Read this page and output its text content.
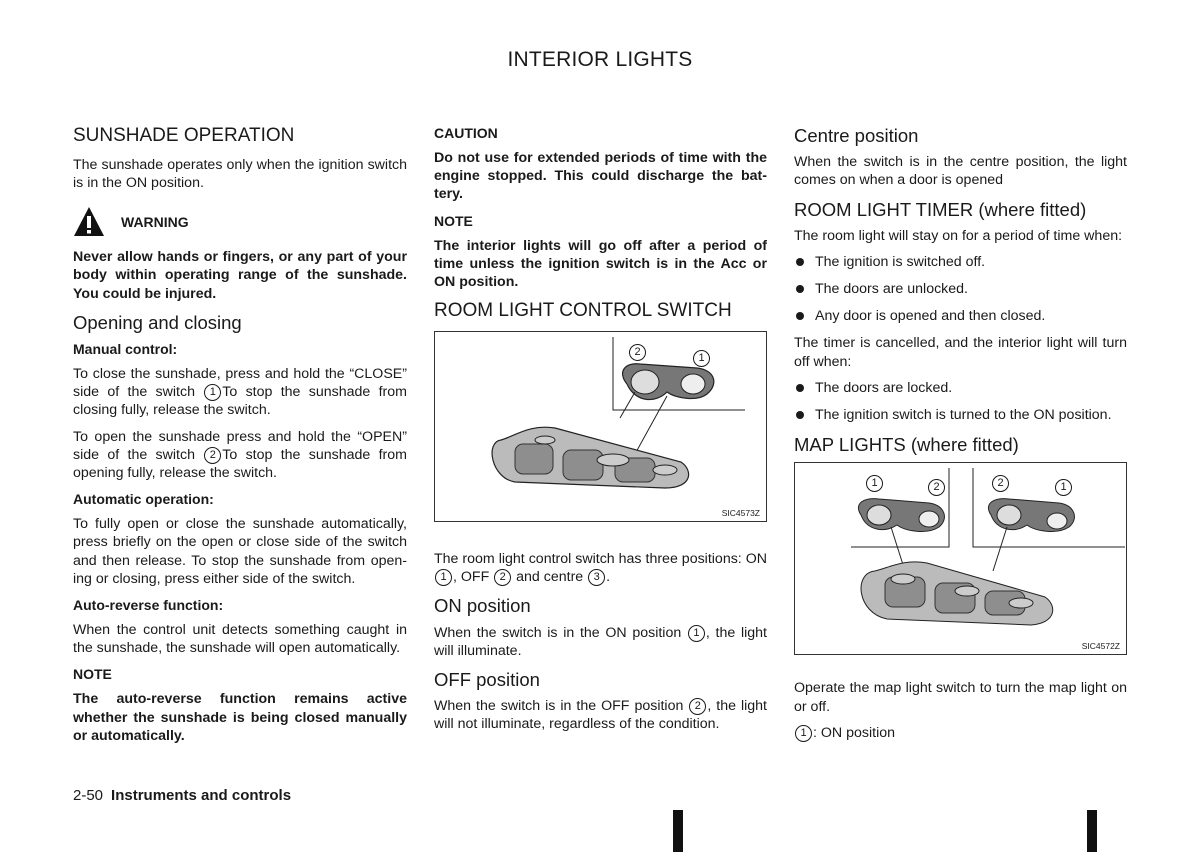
INTERIOR LIGHTS
SUNSHADE OPERATION

The sunshade operates only when the ignition switch is in the ON position.

WARNING

Never allow hands or fingers, or any part of your body within operating range of the sunshade. You could be injured.

Opening and closing
Manual control:

To close the sunshade, press and hold the “CLOSE” side of the switch 1 To stop the sunshade from closing fully, release the switch.

To open the sunshade press and hold the “OPEN” side of the switch 2 To stop the sunshade from opening fully, release the switch.

Automatic operation:

To fully open or close the sunshade automatically, press briefly on the open or close side of the switch and then release. To stop the sunshade from open-ing or closing, press either side of the switch.

Auto-reverse function:

When the control unit detects something caught in the sunshade, the sunshade will open automatically.

NOTE

The auto-reverse function remains active whether the sunshade is being closed manually or automatically.

CAUTION

Do not use for extended periods of time with the engine stopped. This could discharge the bat-tery.

NOTE

The interior lights will go off after a period of time unless the ignition switch is in the Acc or ON position.

ROOM LIGHT CONTROL SWITCH
2	1
SIC4573Z

The room light control switch has three positions: ON 1 , OFF 2 and centre 3 .

ON position

When the switch is in the ON position 1 , the light will illuminate.

OFF position

When the switch is in the OFF position 2 , the light will not illuminate, regardless of the condition.

Centre position

When the switch is in the centre position, the light comes on when a door is opened

ROOM LIGHT TIMER (where fitted)

The room light will stay on for a period of time when:

The ignition is switched off.
The doors are unlocked.
Any door is opened and then closed.

The timer is cancelled, and the interior light will turn off when:

The doors are locked.
The ignition switch is turned to the ON position.
MAP LIGHTS (where fitted)
1	2	2	1
SIC4572Z

Operate the map light switch to turn the map light on or off.

1 : ON position

2-50 Instruments and controls
